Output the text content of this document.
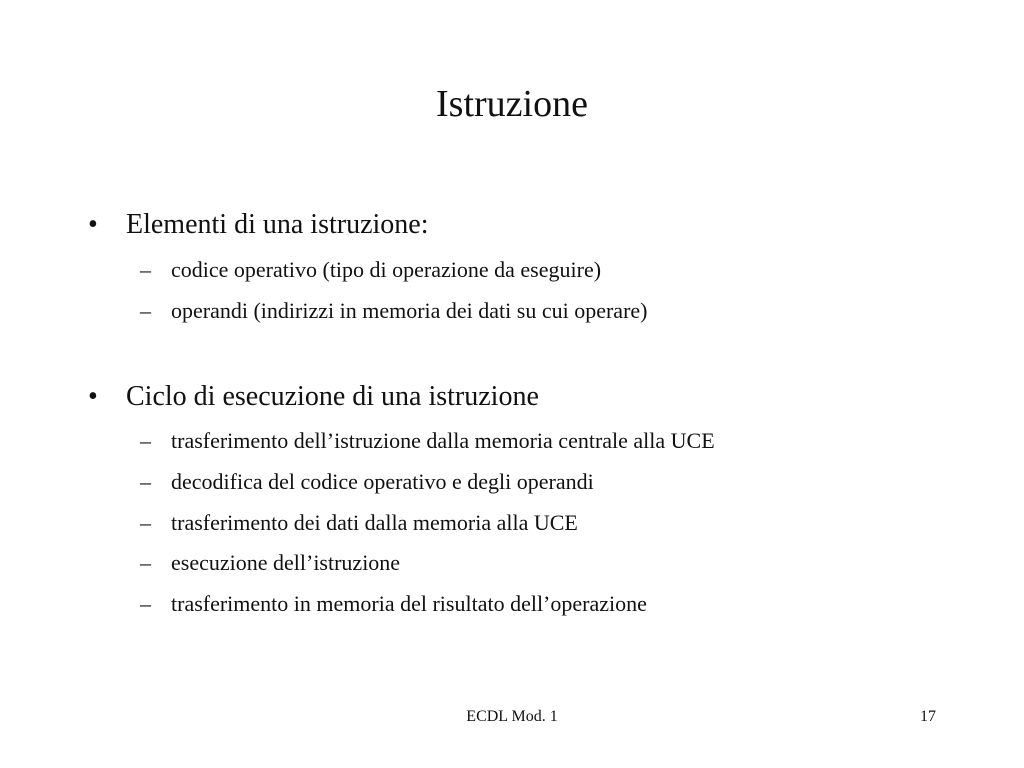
Istruzione
• Elementi di una istruzione:
– codice operativo (tipo di operazione da eseguire)
– operandi (indirizzi in memoria dei dati su cui operare)
• Ciclo di esecuzione di una istruzione
– trasferimento dell’istruzione dalla memoria centrale alla UCE
– decodifica del codice operativo e degli operandi
– trasferimento dei dati dalla memoria alla UCE
– esecuzione dell’istruzione
– trasferimento in memoria del risultato dell’operazione
ECDL Mod. 1	17
